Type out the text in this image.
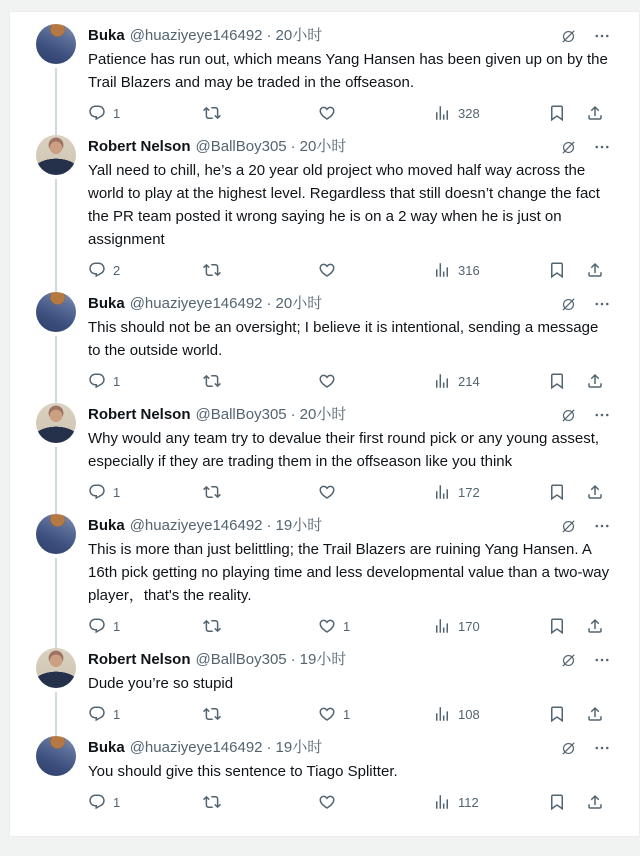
Buka @huaziyeye146492 · 20小时
Patience has run out, which means Yang Hansen has been given up on by the Trail Blazers and may be traded in the offseason.
1	328
Robert Nelson @BallBoy305 · 20小时
Yall need to chill, he’s a 20 year old project who moved half way across the world to play at the highest level. Regardless that still doesn’t change the fact the PR team posted it wrong saying he is on a 2 way when he is just on assignment
2	316
Buka @huaziyeye146492 · 20小时
This should not be an oversight; I believe it is intentional, sending a message to the outside world.
1	214
Robert Nelson @BallBoy305 · 20小时
Why would any team try to devalue their first round pick or any young assest, especially if they are trading them in the offseason like you think
1	172
Buka @huaziyeye146492 · 19小时
This is more than just belittling; the Trail Blazers are ruining Yang Hansen. A 16th pick getting no playing time and less developmental value than a two-way player，that's the reality.
1	1	170
Robert Nelson @BallBoy305 · 19小时
Dude you’re so stupid
1	1	108
Buka @huaziyeye146492 · 19小时
You should give this sentence to Tiago Splitter.
1	112
